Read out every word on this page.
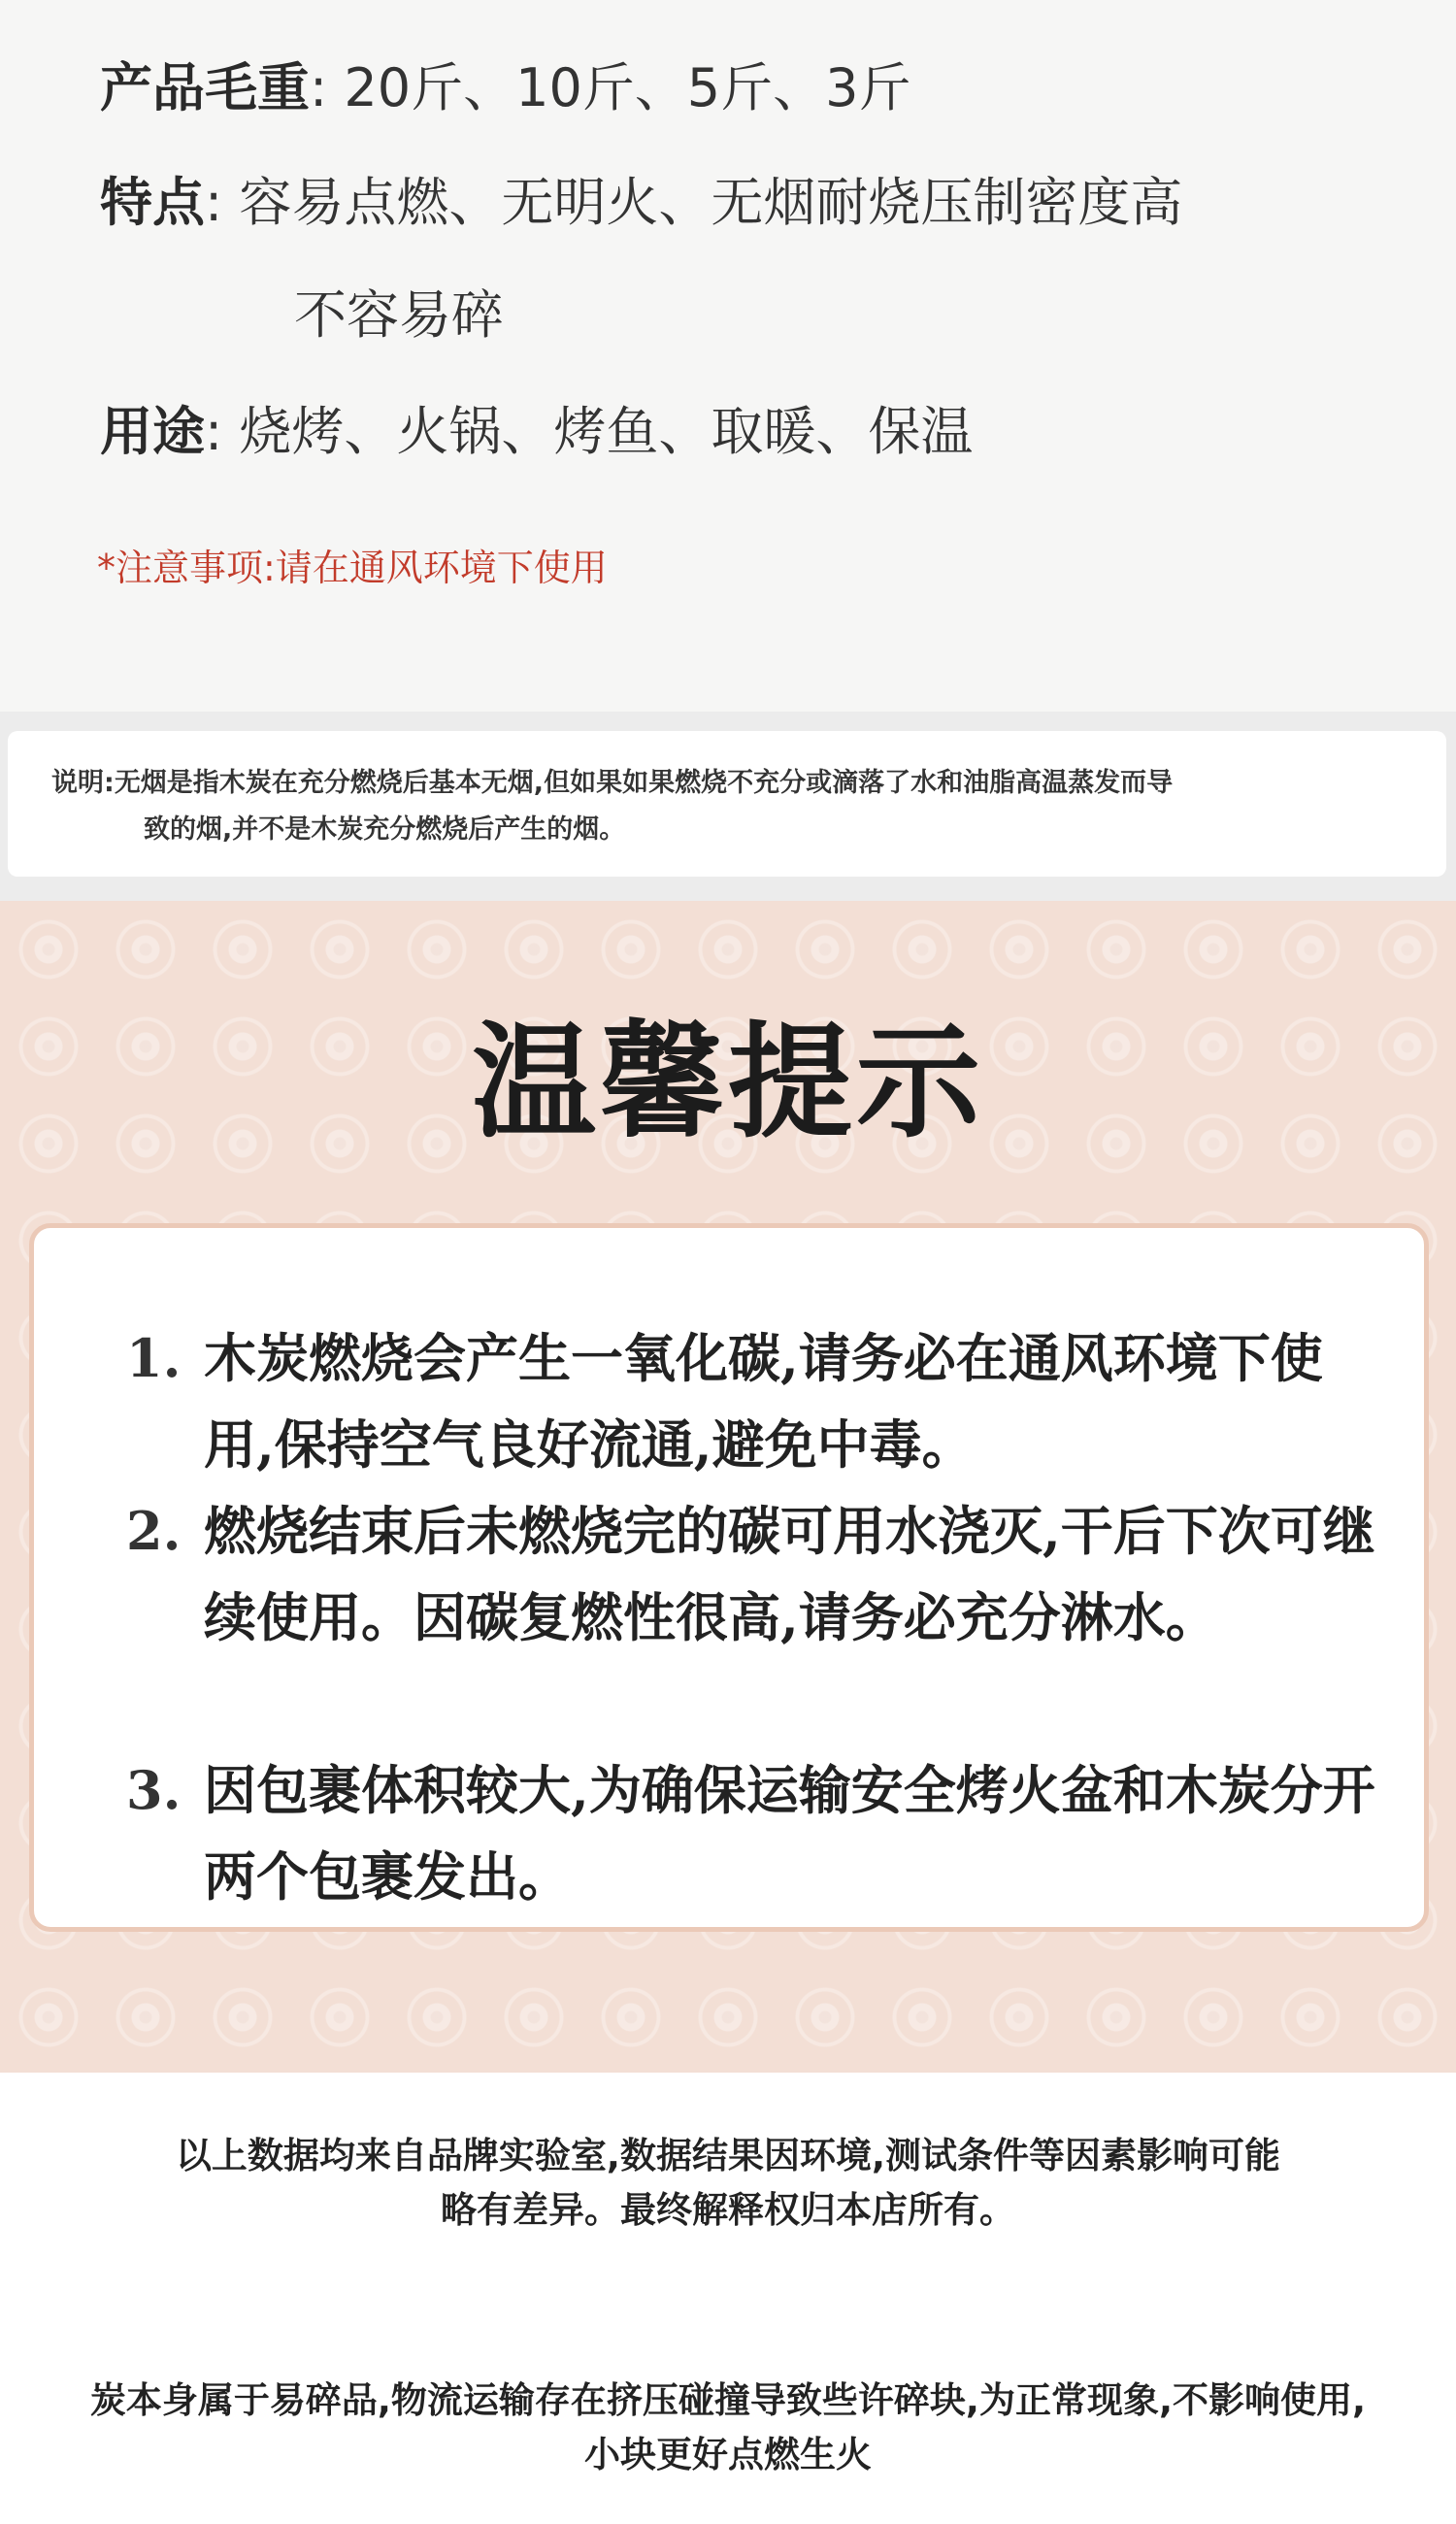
产品毛重: 20斤、10斤、5斤、3斤
特点: 容易点燃、无明火、无烟耐烧压制密度高
不容易碎
用途: 烧烤、火锅、烤鱼、取暖、保温
*注意事项:请在通风环境下使用
说明:无烟是指木炭在充分燃烧后基本无烟,但如果如果燃烧不充分或滴落了水和油脂高温蒸发而导
致的烟,并不是木炭充分燃烧后产生的烟。
温馨提示
1. 木炭燃烧会产生一氧化碳,请务必在通风环境下使用,保持空气良好流通,避免中毒。
2. 燃烧结束后未燃烧完的碳可用水浇灭,干后下次可继续使用。因碳复燃性很高,请务必充分淋水。
3. 因包裹体积较大,为确保运输安全烤火盆和木炭分开两个包裹发出。
以上数据均来自品牌实验室,数据结果因环境,测试条件等因素影响可能
略有差异。最终解释权归本店所有。
炭本身属于易碎品,物流运输存在挤压碰撞导致些许碎块,为正常现象,不影响使用,
小块更好点燃生火
